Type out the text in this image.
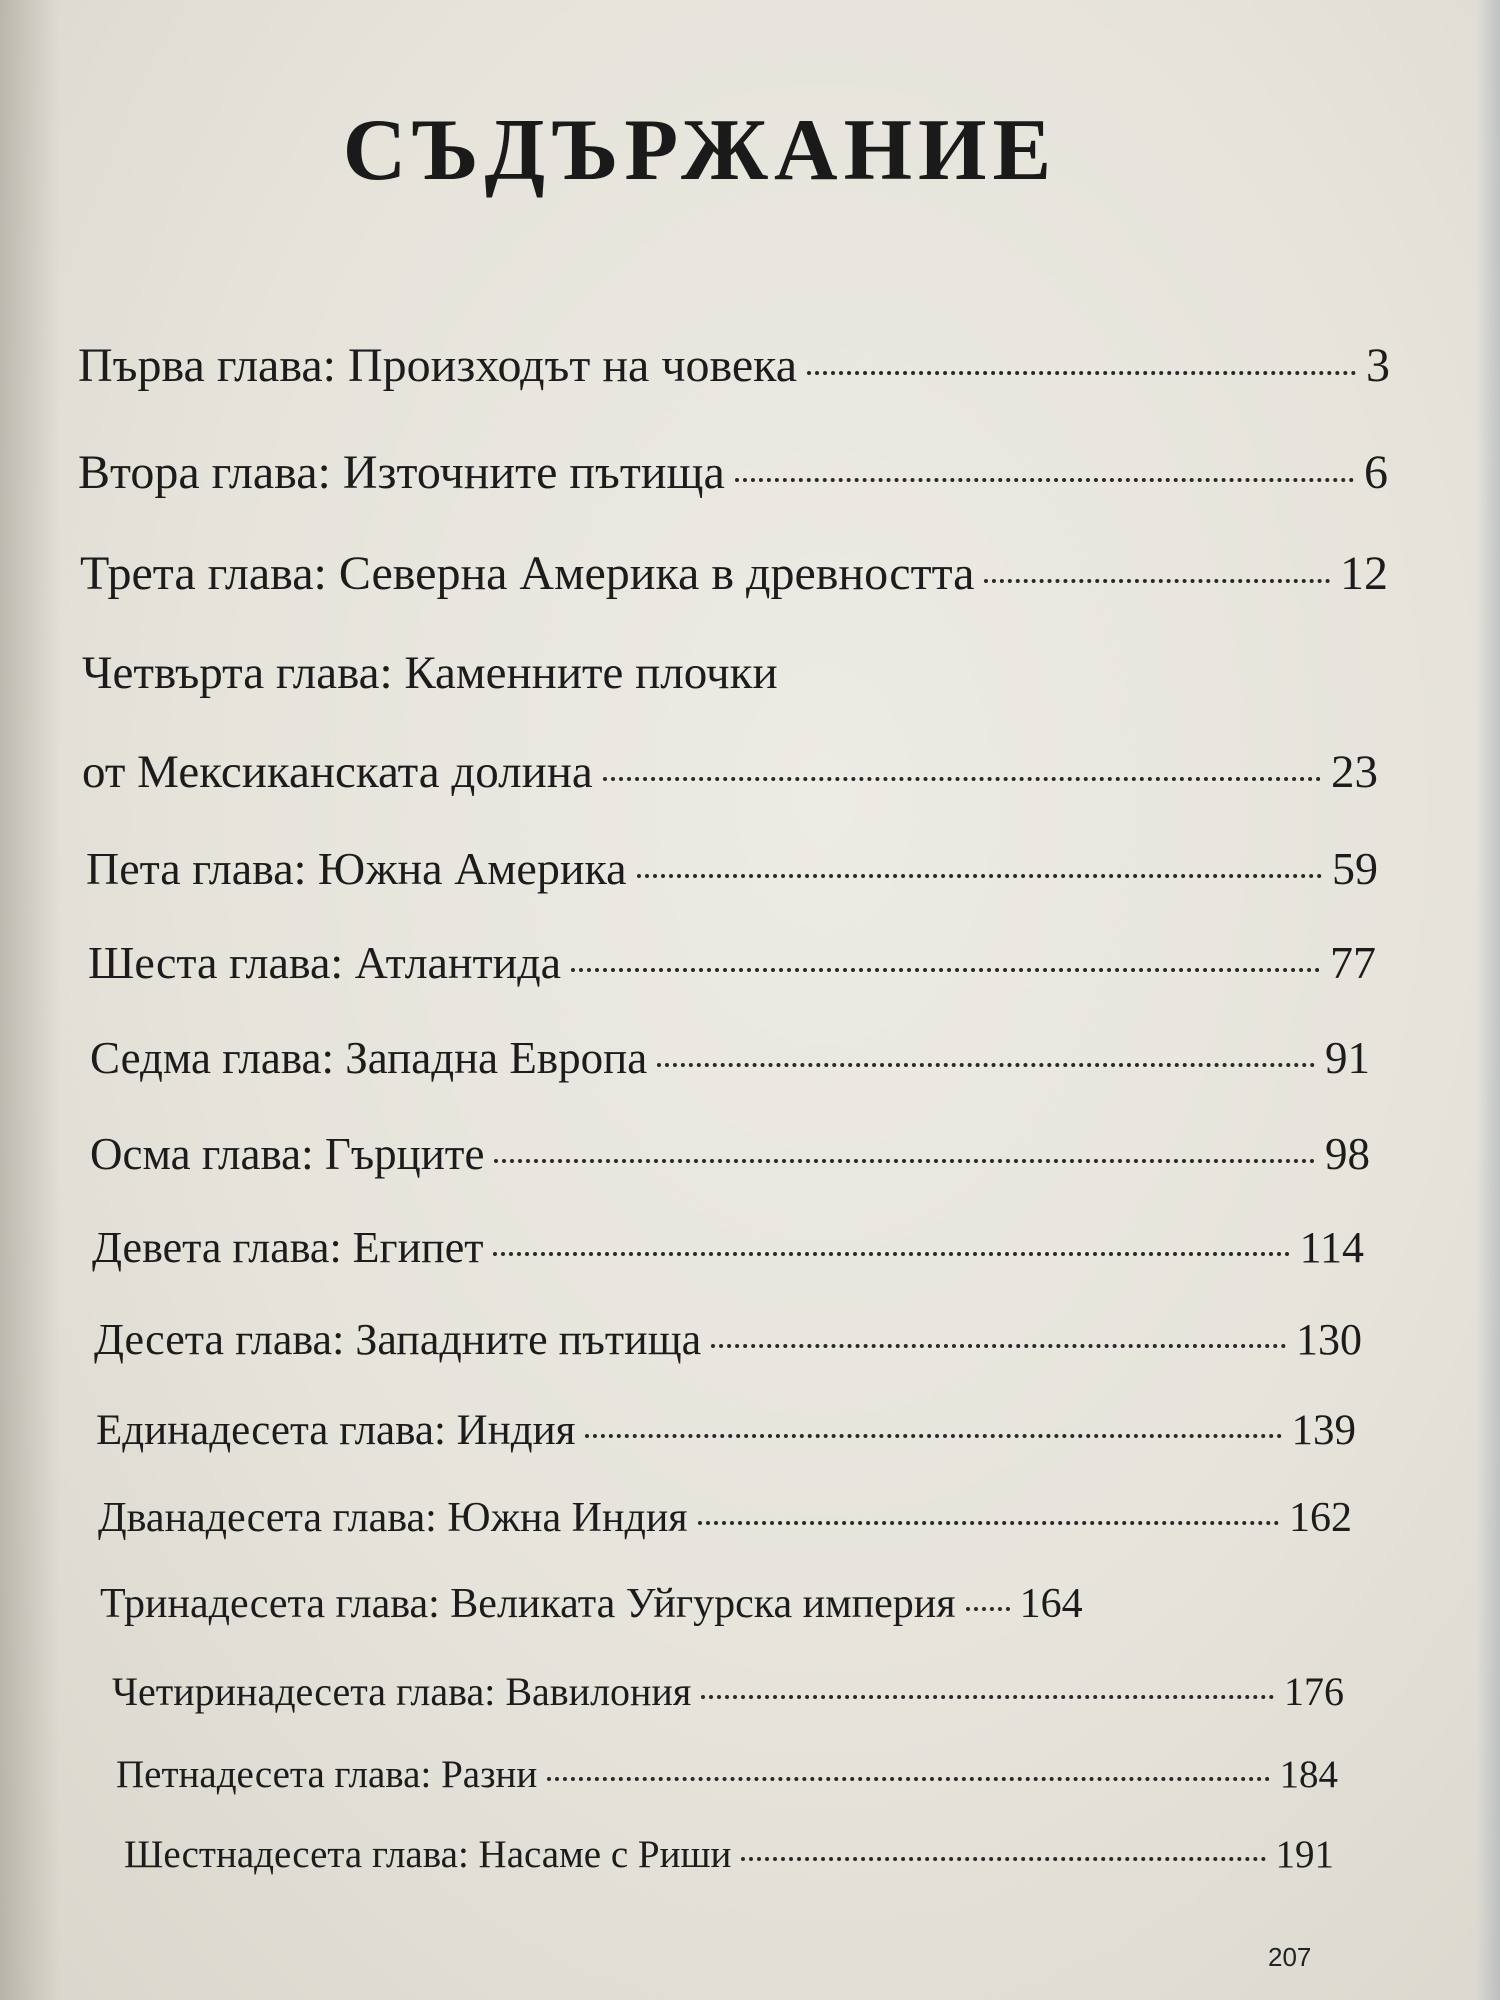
СЪДЪРЖАНИЕ
Първа глава: Произходът на човека	3
Втора глава: Източните пътища	6
Трета глава: Северна Америка в древността	12
Четвърта глава: Каменните плочки
от Мексиканската долина	23
Пета глава: Южна Америка	59
Шеста глава: Атлантида	77
Седма глава: Западна Европа	91
Осма глава: Гърците	98
Девета глава: Египет	114
Десета глава: Западните пътища	130
Единадесета глава: Индия	139
Дванадесета глава: Южна Индия	162
Тринадесета глава: Великата Уйгурска империя 164
Четиринадесета глава: Вавилония	176
Петнадесета глава: Разни	184
Шестнадесета глава: Насаме с Риши	191
207
